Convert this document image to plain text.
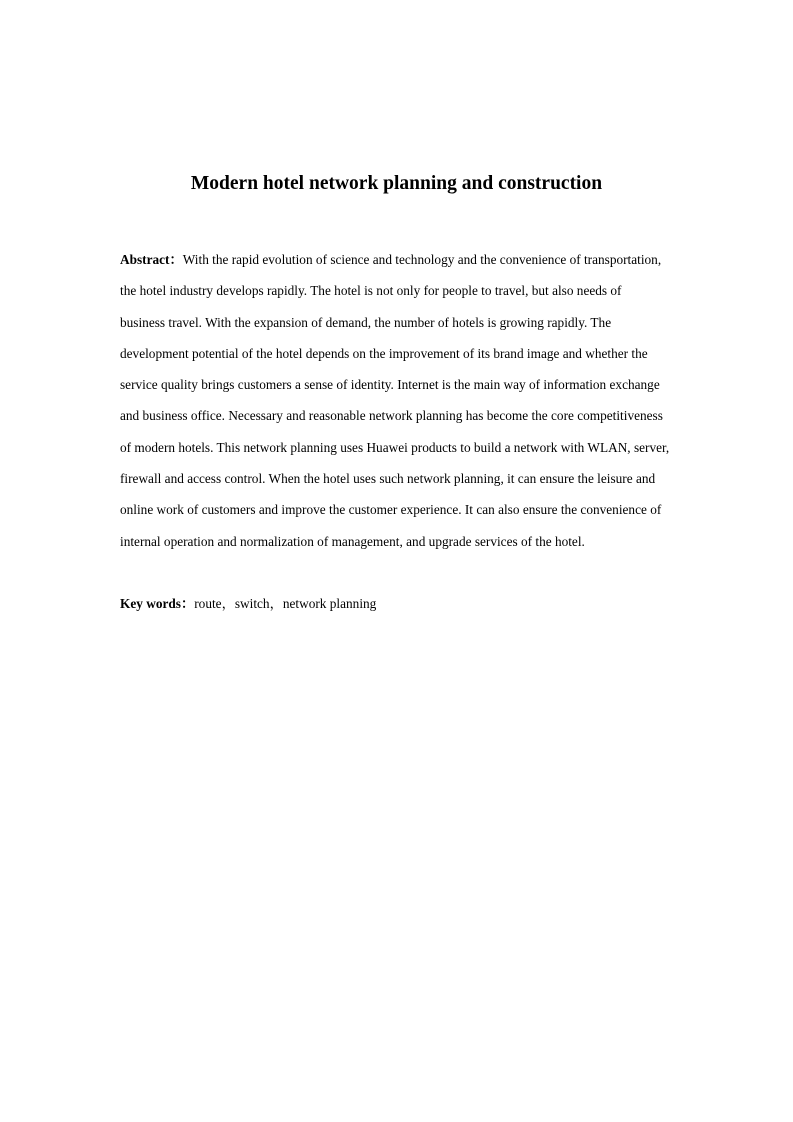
Modern hotel network planning and construction
Abstract：With the rapid evolution of science and technology and the convenience of transportation,
the hotel industry develops rapidly. The hotel is not only for people to travel, but also needs of
business travel. With the expansion of demand, the number of hotels is growing rapidly. The
development potential of the hotel depends on the improvement of its brand image and whether the
service quality brings customers a sense of identity. Internet is the main way of information exchange
and business office. Necessary and reasonable network planning has become the core competitiveness
of modern hotels. This network planning uses Huawei products to build a network with WLAN, server,
firewall and access control. When the hotel uses such network planning, it can ensure the leisure and
online work of customers and improve the customer experience. It can also ensure the convenience of
internal operation and normalization of management, and upgrade services of the hotel.
Key words：route，switch，network planning
